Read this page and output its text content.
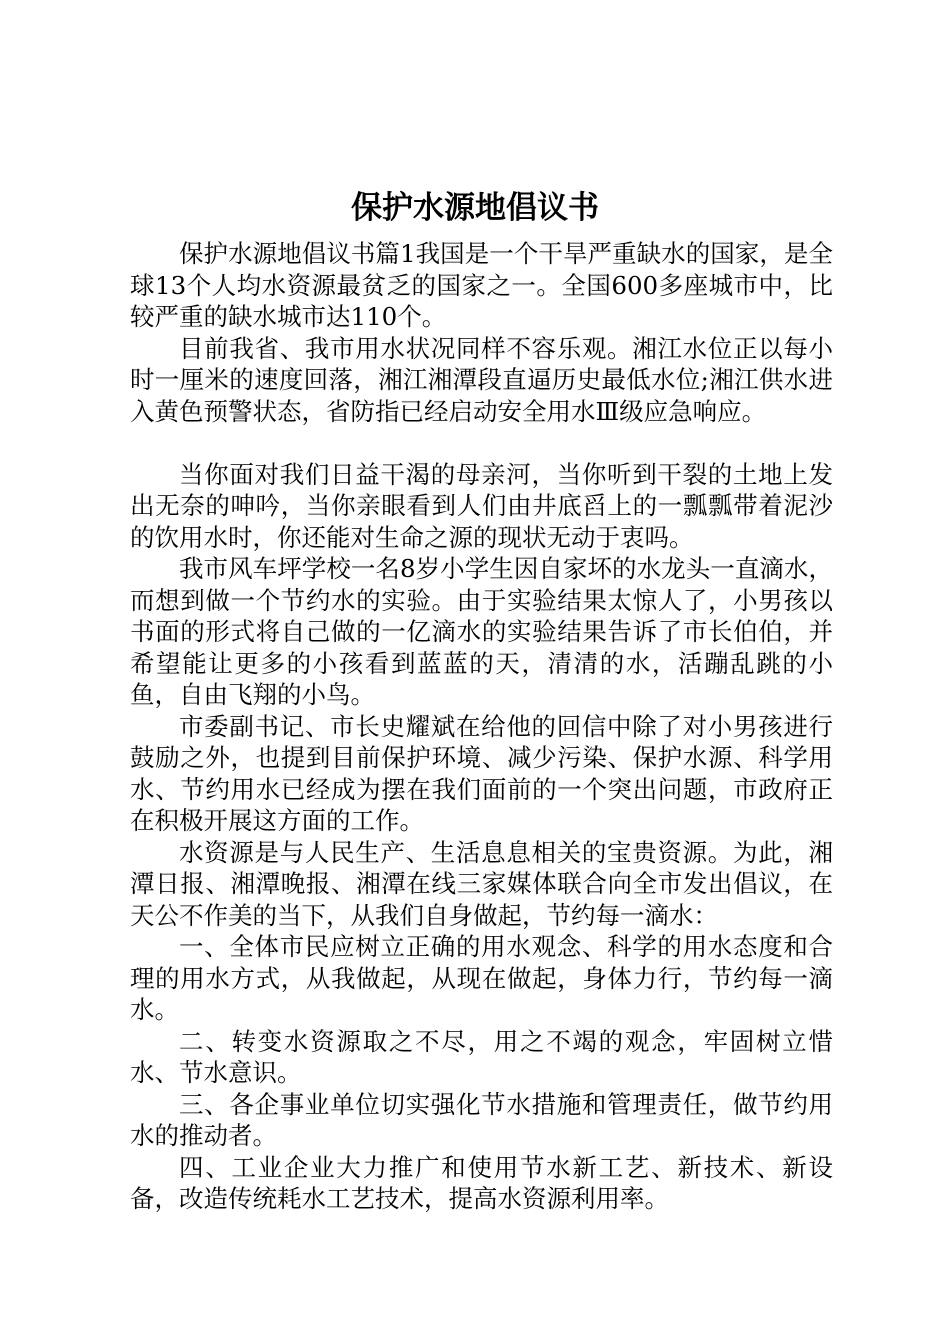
保护水源地倡议书

保护水源地倡议书篇1我国是一个干旱严重缺水的国家，是全球13个人均水资源最贫乏的国家之一。全国600多座城市中，比较严重的缺水城市达110个。

目前我省、我市用水状况同样不容乐观。湘江水位正以每小时一厘米的速度回落，湘江湘潭段直逼历史最低水位;湘江供水进入黄色预警状态，省防指已经启动安全用水Ⅲ级应急响应。

当你面对我们日益干渴的母亲河，当你听到干裂的土地上发出无奈的呻吟，当你亲眼看到人们由井底舀上的一瓢瓢带着泥沙的饮用水时，你还能对生命之源的现状无动于衷吗。

我市风车坪学校一名8岁小学生因自家坏的水龙头一直滴水，而想到做一个节约水的实验。由于实验结果太惊人了，小男孩以书面的形式将自己做的一亿滴水的实验结果告诉了市长伯伯，并希望能让更多的小孩看到蓝蓝的天，清清的水，活蹦乱跳的小鱼，自由飞翔的小鸟。

市委副书记、市长史耀斌在给他的回信中除了对小男孩进行鼓励之外，也提到目前保护环境、减少污染、保护水源、科学用水、节约用水已经成为摆在我们面前的一个突出问题，市政府正在积极开展这方面的工作。

水资源是与人民生产、生活息息相关的宝贵资源。为此，湘潭日报、湘潭晚报、湘潭在线三家媒体联合向全市发出倡议，在天公不作美的当下，从我们自身做起，节约每一滴水：

一、全体市民应树立正确的用水观念、科学的用水态度和合理的用水方式，从我做起，从现在做起，身体力行，节约每一滴水。

二、转变水资源取之不尽，用之不竭的观念，牢固树立惜水、节水意识。

三、各企事业单位切实强化节水措施和管理责任，做节约用水的推动者。

四、工业企业大力推广和使用节水新工艺、新技术、新设备，改造传统耗水工艺技术，提高水资源利用率。
